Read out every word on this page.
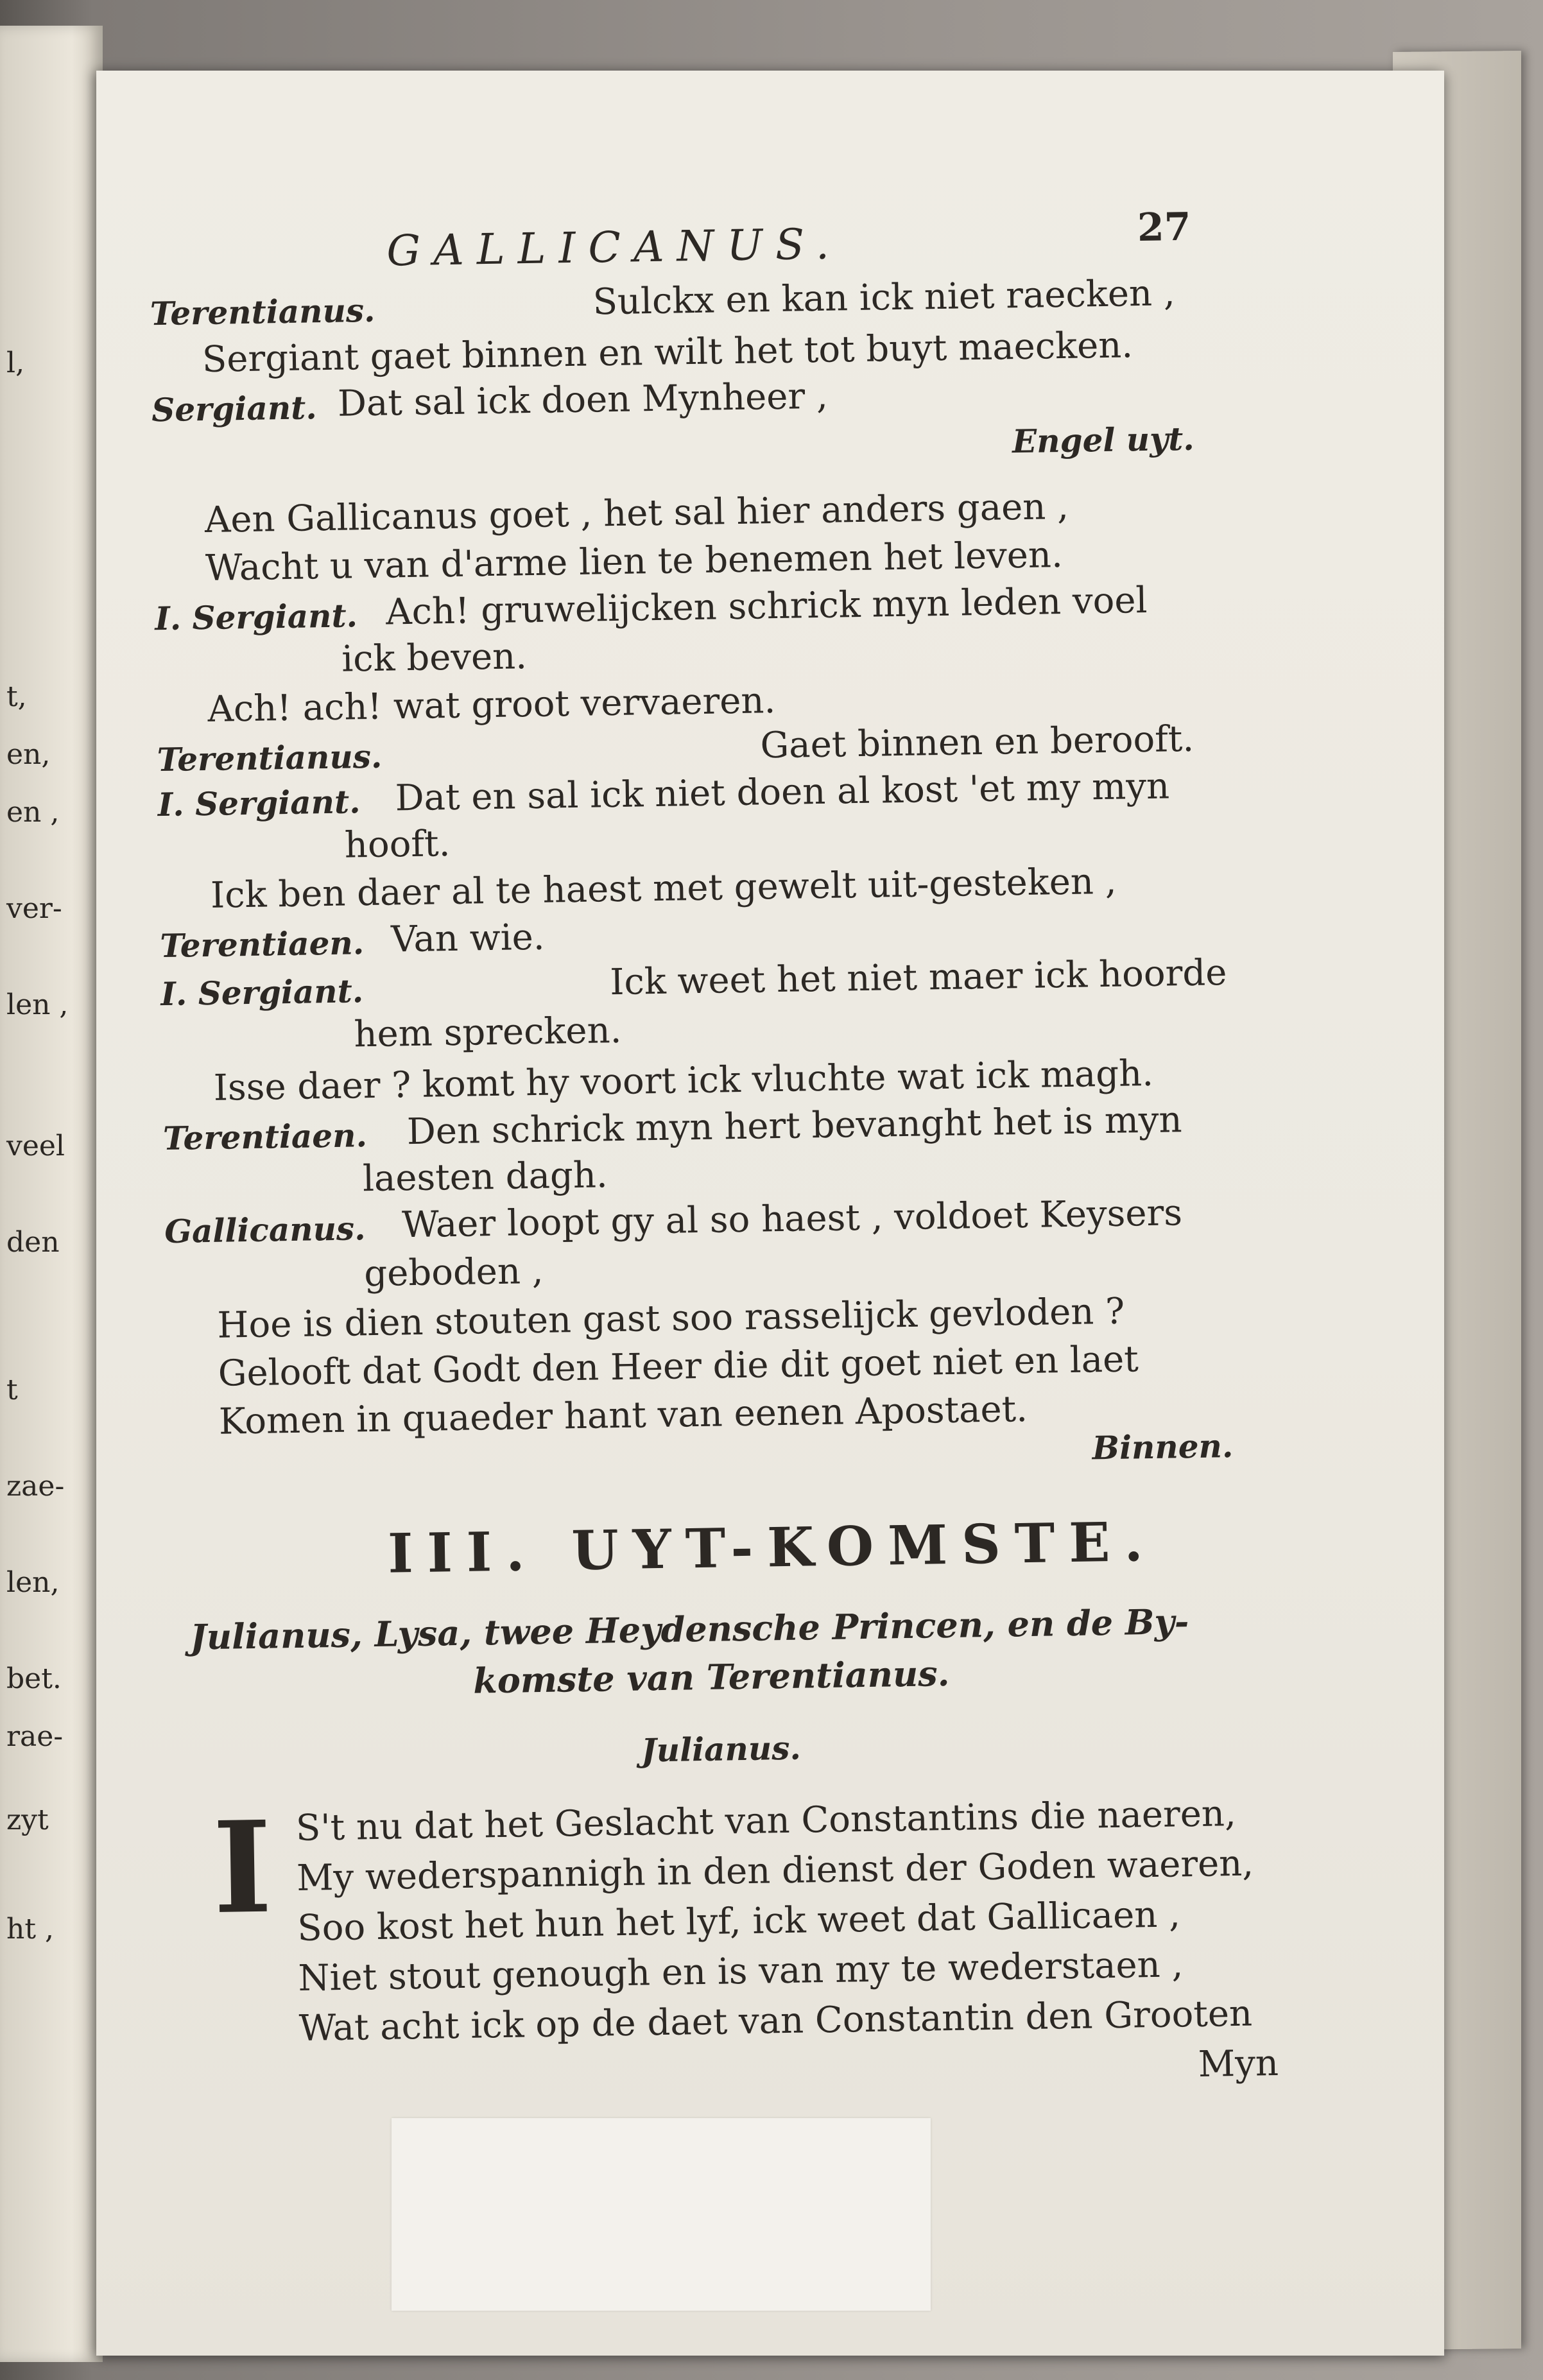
l,
t,
en,
en ,
ver-
len ,
veel
den
t
zae-
len,
bet.
rae-
zyt
ht ,
GALLICANUS.	27
Terentianus.	Sulckx en kan ick niet raecken ,
Sergiant gaet binnen en wilt het tot buyt maecken.
Sergiant. Dat sal ick doen Mynheer ,
Engel uyt.
Aen Gallicanus goet , het sal hier anders gaen ,
Wacht u van d'arme lien te benemen het leven.
I. Sergiant. Ach! gruwelijcken schrick myn leden voel
ick beven.
Ach! ach! wat groot vervaeren.
Terentianus.	Gaet binnen en berooft.
I. Sergiant. Dat en sal ick niet doen al kost 'et my myn
hooft.
Ick ben daer al te haest met gewelt uit-gesteken ,
Terentiaen. Van wie.
I. Sergiant.	Ick weet het niet maer ick hoorde
hem sprecken.
Isse daer ? komt hy voort ick vluchte wat ick magh.
Terentiaen. Den schrick myn hert bevanght het is myn
laesten dagh.
Gallicanus. Waer loopt gy al so haest , voldoet Keysers
geboden ,
Hoe is dien stouten gast soo rasselijck gevloden ?
Gelooft dat Godt den Heer die dit goet niet en laet
Komen in quaeder hant van eenen Apostaet.
Binnen.
III. UYT-KOMSTE.
Julianus, Lysa, twee Heydensche Princen, en de By-
komste van Terentianus.
Julianus.
I S't nu dat het Geslacht van Constantins die naeren,
My wederspannigh in den dienst der Goden waeren,
Soo kost het hun het lyf, ick weet dat Gallicaen ,
Niet stout genough en is van my te wederstaen ,
Wat acht ick op de daet van Constantin den Grooten
Myn
